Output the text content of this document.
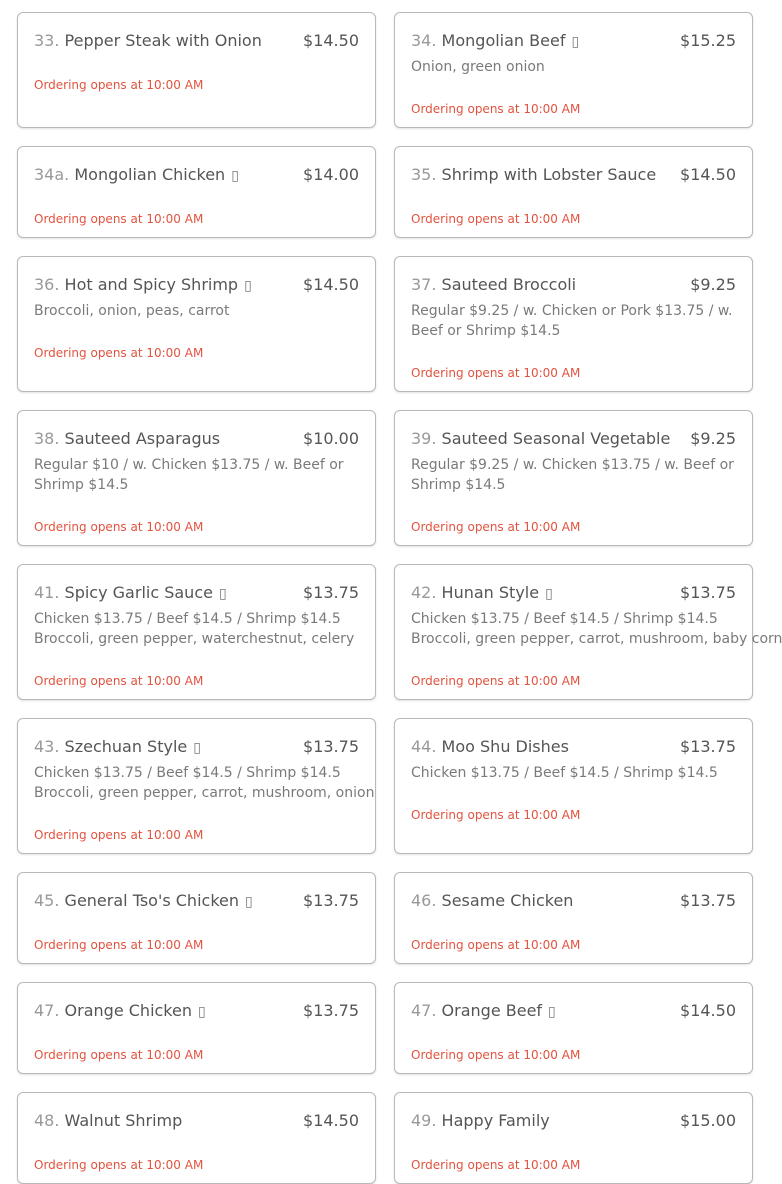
33. Pepper Steak with Onion	$14.50
Ordering opens at 10:00 AM
34. Mongolian Beef ▯	$15.25
Onion, green onion
Ordering opens at 10:00 AM
34a. Mongolian Chicken ▯	$14.00
Ordering opens at 10:00 AM
35. Shrimp with Lobster Sauce $14.50
Ordering opens at 10:00 AM
36. Hot and Spicy Shrimp ▯	$14.50
Broccoli, onion, peas, carrot
Ordering opens at 10:00 AM
37. Sauteed Broccoli	$9.25
Regular $9.25 / w. Chicken or Pork $13.75 / w. Beef or Shrimp $14.5
Ordering opens at 10:00 AM
38. Sauteed Asparagus	$10.00
Regular $10 / w. Chicken $13.75 / w. Beef or Shrimp $14.5
Ordering opens at 10:00 AM
39. Sauteed Seasonal Vegetable $9.25
Regular $9.25 / w. Chicken $13.75 / w. Beef or Shrimp $14.5
Ordering opens at 10:00 AM
41. Spicy Garlic Sauce ▯	$13.75
Chicken $13.75 / Beef $14.5 / Shrimp $14.5
Broccoli, green pepper, waterchestnut, celery
Ordering opens at 10:00 AM
42. Hunan Style ▯	$13.75
Chicken $13.75 / Beef $14.5 / Shrimp $14.5
Broccoli, green pepper, carrot, mushroom, baby corn
Ordering opens at 10:00 AM
43. Szechuan Style ▯	$13.75
Chicken $13.75 / Beef $14.5 / Shrimp $14.5
Broccoli, green pepper, carrot, mushroom, onion
Ordering opens at 10:00 AM
44. Moo Shu Dishes	$13.75
Chicken $13.75 / Beef $14.5 / Shrimp $14.5
Ordering opens at 10:00 AM
45. General Tso's Chicken ▯	$13.75
Ordering opens at 10:00 AM
46. Sesame Chicken	$13.75
Ordering opens at 10:00 AM
47. Orange Chicken ▯	$13.75
Ordering opens at 10:00 AM
47. Orange Beef ▯	$14.50
Ordering opens at 10:00 AM
48. Walnut Shrimp	$14.50
Ordering opens at 10:00 AM
49. Happy Family	$15.00
Ordering opens at 10:00 AM
